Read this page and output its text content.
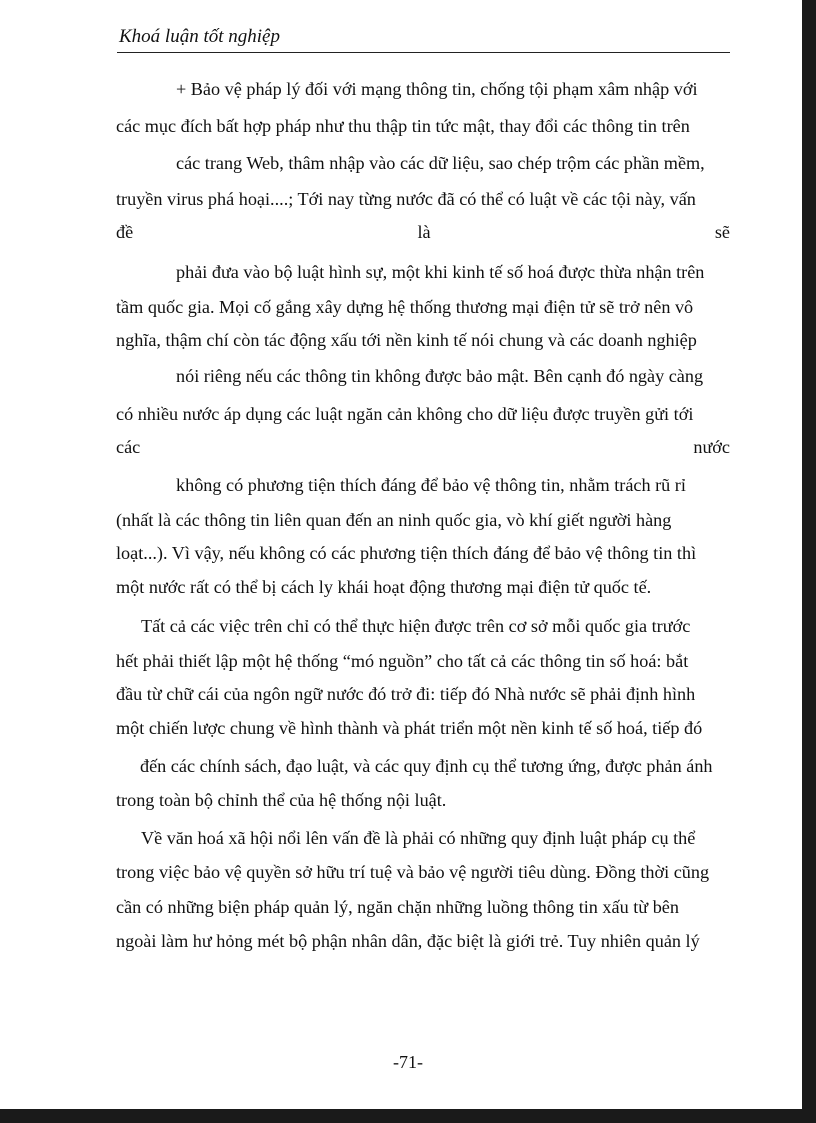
Khoá luận tốt nghiệp
+ Bảo vệ pháp lý đối với mạng thông tin, chống tội phạm xâm nhập với
các mục đích bất hợp pháp như thu thập tin tức mật, thay đổi các thông tin trên
các trang Web, thâm nhập vào các dữ liệu, sao chép trộm các phần mềm,
truyền virus phá hoại....; Tới nay từng nước đã có thể có luật về các tội này, vấn
đề	là	sẽ
phải đưa vào bộ luật hình sự, một khi kinh tế số hoá được thừa nhận trên
tầm quốc gia. Mọi cố gắng xây dựng hệ thống thương mại điện tử sẽ trở nên vô
nghĩa, thậm chí còn tác động xấu tới nền kinh tế nói chung và các doanh nghiệp
nói riêng nếu các thông tin không được bảo mật. Bên cạnh đó ngày càng
có nhiều nước áp dụng các luật ngăn cản không cho dữ liệu được truyền gửi tới
các	nước
không có phương tiện thích đáng để bảo vệ thông tin, nhằm trách rũ rỉ
(nhất là các thông tin liên quan đến an ninh quốc gia, vò khí giết người hàng
loạt...). Vì vậy, nếu không có các phương tiện thích đáng để bảo vệ thông tin thì
một nước rất có thể bị cách ly khái hoạt động thương mại điện tử quốc tế.
Tất cả các việc trên chỉ có thể thực hiện được trên cơ sở mỗi quốc gia trước
hết phải thiết lập một hệ thống “mó nguồn” cho tất cả các thông tin số hoá: bắt
đầu từ chữ cái của ngôn ngữ nước đó trở đi: tiếp đó Nhà nước sẽ phải định hình
một chiến lược chung về hình thành và phát triển một nền kinh tế số hoá, tiếp đó
đến các chính sách, đạo luật, và các quy định cụ thể tương ứng, được phản ánh
trong toàn bộ chỉnh thể của hệ thống nội luật.
Về văn hoá xã hội nổi lên vấn đề là phải có những quy định luật pháp cụ thể
trong việc bảo vệ quyền sở hữu trí tuệ và bảo vệ người tiêu dùng. Đồng thời cũng
cần có những biện pháp quản lý, ngăn chặn những luồng thông tin xấu từ bên
ngoài làm hư hỏng mét bộ phận nhân dân, đặc biệt là giới trẻ. Tuy nhiên quản lý
-71-
